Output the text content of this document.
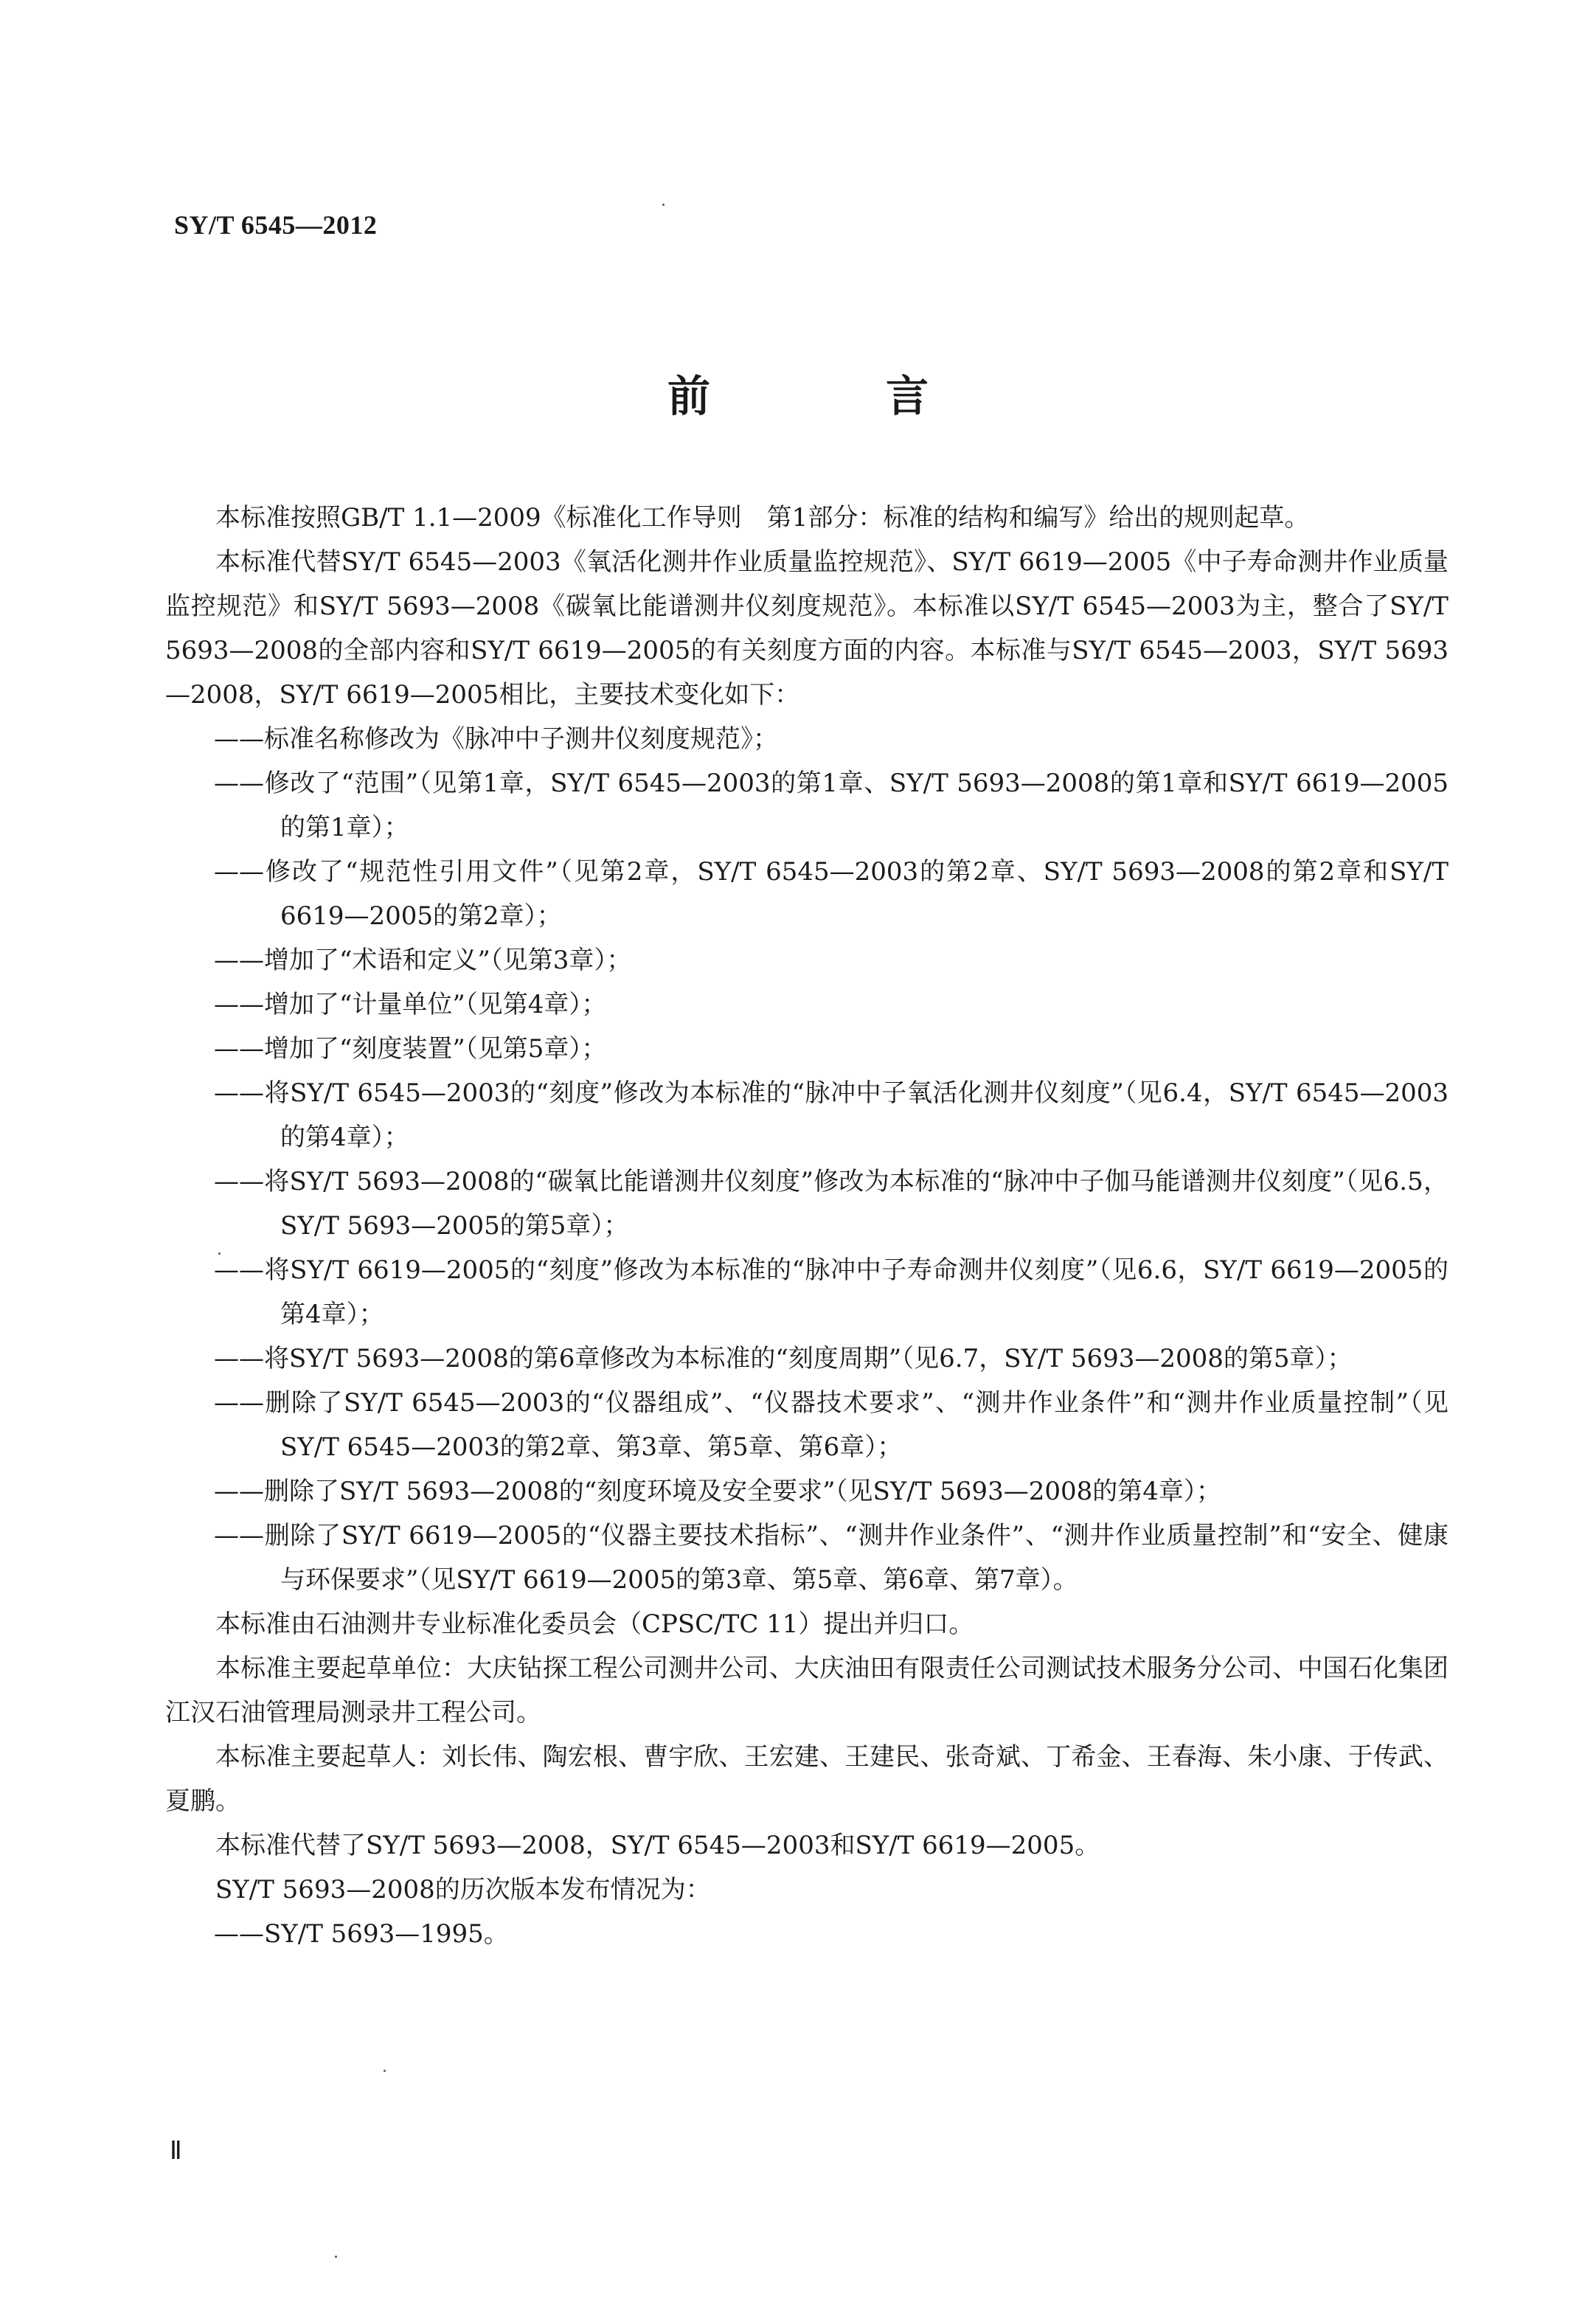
SY/T 6545—2012
前　言

本标准按照GB/T 1.1—2009《标准化工作导则　第1部分：标准的结构和编写》给出的规则起草。

本标准代替SY/T 6545—2003《氧活化测井作业质量监控规范》、SY/T 6619—2005《中子寿命测井作业质量监控规范》和SY/T 5693—2008《碳氧比能谱测井仪刻度规范》。本标准以SY/T 6545—2003为主，整合了SY/T 5693—2008的全部内容和SY/T 6619—2005的有关刻度方面的内容。本标准与SY/T 6545—2003，SY/T 5693—2008，SY/T 6619—2005相比，主要技术变化如下：

——标准名称修改为《脉冲中子测井仪刻度规范》；

——修改了“范围”（见第1章，SY/T 6545—2003的第1章、SY/T 5693—2008的第1章和SY/T 6619—2005的第1章）；

——修改了“规范性引用文件”（见第2章，SY/T 6545—2003的第2章、SY/T 5693—2008的第2章和SY/T 6619—2005的第2章）；

——增加了“术语和定义”（见第3章）；

——增加了“计量单位”（见第4章）；

——增加了“刻度装置”（见第5章）；

——将SY/T 6545—2003的“刻度”修改为本标准的“脉冲中子氧活化测井仪刻度”（见6.4，SY/T 6545—2003的第4章）；

——将SY/T 5693—2008的“碳氧比能谱测井仪刻度”修改为本标准的“脉冲中子伽马能谱测井仪刻度”（见6.5，SY/T 5693—2005的第5章）；

——将SY/T 6619—2005的“刻度”修改为本标准的“脉冲中子寿命测井仪刻度”（见6.6，SY/T 6619—2005的第4章）；

——将SY/T 5693—2008的第6章修改为本标准的“刻度周期”（见6.7，SY/T 5693—2008的第5章）；

——删除了SY/T 6545—2003的“仪器组成”、“仪器技术要求”、“测井作业条件”和“测井作业质量控制”（见SY/T 6545—2003的第2章、第3章、第5章、第6章）；

——删除了SY/T 5693—2008的“刻度环境及安全要求”（见SY/T 5693—2008的第4章）；

——删除了SY/T 6619—2005的“仪器主要技术指标”、“测井作业条件”、“测井作业质量控制”和“安全、健康与环保要求”（见SY/T 6619—2005的第3章、第5章、第6章、第7章）。

本标准由石油测井专业标准化委员会（CPSC/TC 11）提出并归口。

本标准主要起草单位：大庆钻探工程公司测井公司、大庆油田有限责任公司测试技术服务分公司、中国石化集团江汉石油管理局测录井工程公司。

本标准主要起草人：刘长伟、陶宏根、曹宇欣、王宏建、王建民、张奇斌、丁希金、王春海、朱小康、于传武、夏鹏。

本标准代替了SY/T 5693—2008，SY/T 6545—2003和SY/T 6619—2005。

SY/T 5693—2008的历次版本发布情况为：

——SY/T 5693—1995。

Ⅱ
